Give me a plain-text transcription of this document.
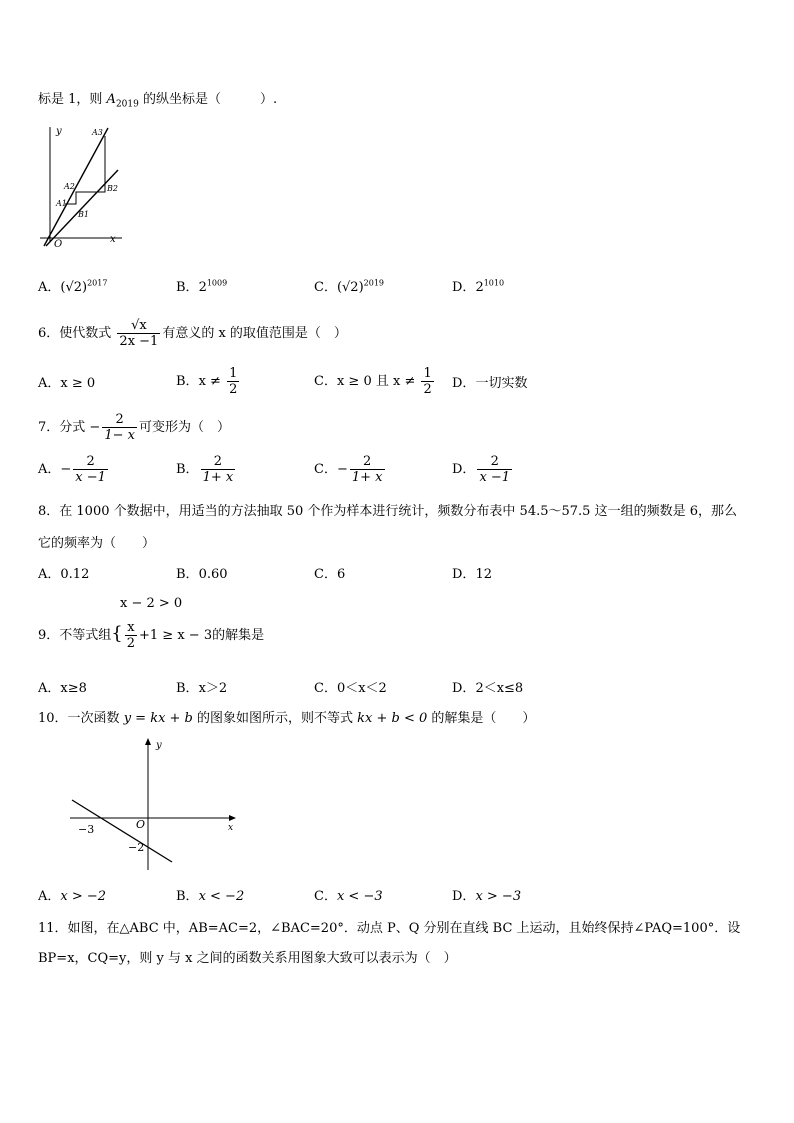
标是 1，则 $A_{2019}$ 的纵坐标是（　　　）.
y
x
O
A1
A2
A3
B1
B2
A．$(√2)^{2017}$	B．$2^{1009}$	C．$(√2)^{2019}$	D．$2^{1010}$
6．使代数式 $\frac{√x}{2x -1}$ 有意义的 x 的取值范围是（　）
A．x ≥ 0	B．$x \ne \frac{1}{2}$	C．x ≥ 0 且 $x \ne \frac{1}{2}$ D．一切实数
7．分式 − $\frac{2}{1- x}$ 可变形为（　）
A．− $\frac{2}{x -1}$	B． $\frac{2}{1+ x}$	C．− $\frac{2}{1+ x}$	D． $\frac{2}{x -1}$
8．在 1000 个数据中，用适当的方法抽取 50 个作为样本进行统计，频数分布表中 54.5～57.5 这一组的频数是 6，那么
它的频率为（　　）
A．0.12	B．0.60	C．6	D．12
x − 2 > 0
9．不等式组{ $\frac{x}{2} +1 \ge x - 3$的解集是
A．x≥8	B．x＞2	C．0＜x＜2	D．2＜x≤8
10．一次函数 y = kx + b 的图象如图所示，则不等式 kx + b < 0 的解集是（　　）
y
x
O
−3
−2
A．x > −2	B．x < −2	C．x < −3	D．x > −3
11．如图，在△ABC 中，AB=AC=2，∠BAC=20°．动点 P、Q 分别在直线 BC 上运动，且始终保持∠PAQ=100°．设
BP=x，CQ=y，则 y 与 x 之间的函数关系用图象大致可以表示为（　）
